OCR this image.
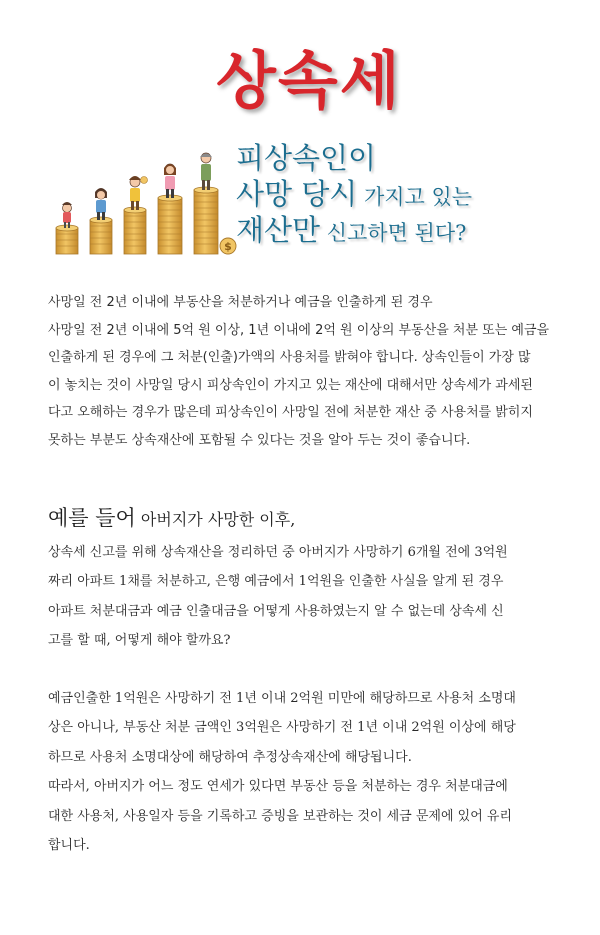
상속세
$
피상속인이
사망 당시 가지고 있는
재산만 신고하면 된다?

사망일 전 2년 이내에 부동산을 처분하거나 예금을 인출하게 된 경우
사망일 전 2년 이내에 5억 원 이상, 1년 이내에 2억 원 이상의 부동산을 처분 또는 예금을
인출하게 된 경우에 그 처분(인출)가액의 사용처를 밝혀야 합니다. 상속인들이 가장 많
이 놓치는 것이 사망일 당시 피상속인이 가지고 있는 재산에 대해서만 상속세가 과세된
다고 오해하는 경우가 많은데 피상속인이 사망일 전에 처분한 재산 중 사용처를 밝히지
못하는 부분도 상속재산에 포함될 수 있다는 것을 알아 두는 것이 좋습니다.

예를 들어 아버지가 사망한 이후,

상속세 신고를 위해 상속재산을 정리하던 중 아버지가 사망하기 6개월 전에 3억원
짜리 아파트 1채를 처분하고, 은행 예금에서 1억원을 인출한 사실을 알게 된 경우
아파트 처분대금과 예금 인출대금을 어떻게 사용하였는지 알 수 없는데 상속세 신
고를 할 때, 어떻게 해야 할까요?

예금인출한 1억원은 사망하기 전 1년 이내 2억원 미만에 해당하므로 사용처 소명대
상은 아니나, 부동산 처분 금액인 3억원은 사망하기 전 1년 이내 2억원 이상에 해당
하므로 사용처 소명대상에 해당하여 추정상속재산에 해당됩니다.
따라서, 아버지가 어느 정도 연세가 있다면 부동산 등을 처분하는 경우 처분대금에
대한 사용처, 사용일자 등을 기록하고 증빙을 보관하는 것이 세금 문제에 있어 유리
합니다.
